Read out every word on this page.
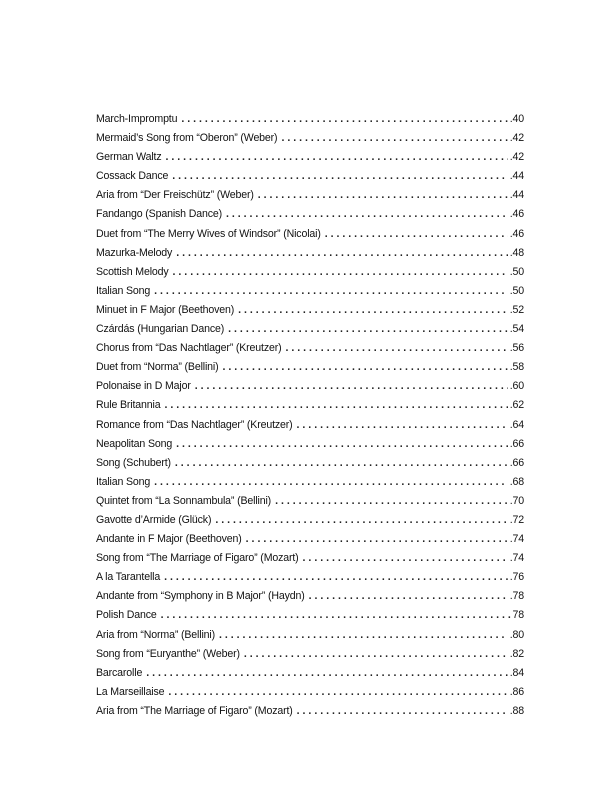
March-Impromptu . . .	.40
Mermaid’s Song from “Oberon” (Weber) . . .	.42
German Waltz . . .	.42
Cossack Dance . . .	.44
Aria from “Der Freischütz” (Weber) . . .	.44
Fandango (Spanish Dance) . . .	.46
Duet from “The Merry Wives of Windsor” (Nicolai) . . .	.46
Mazurka-Melody . . .	.48
Scottish Melody . . .	.50
Italian Song . . .	.50
Minuet in F Major (Beethoven) . . .	.52
Czárdás (Hungarian Dance) . . .	.54
Chorus from “Das Nachtlager” (Kreutzer) . . .	.56
Duet from “Norma” (Bellini) . . .	.58
Polonaise in D Major . . .	.60
Rule Britannia . . .	.62
Romance from “Das Nachtlager” (Kreutzer) . . .	.64
Neapolitan Song . . .	.66
Song (Schubert) . . .	.66
Italian Song . . .	.68
Quintet from “La Sonnambula” (Bellini) . . .	.70
Gavotte d’Armide (Glück) . . .	.72
Andante in F Major (Beethoven) . . .	.74
Song from “The Marriage of Figaro” (Mozart) . . .	.74
A la Tarantella . . .	.76
Andante from “Symphony in B Major” (Haydn) . . .	.78
Polish Dance . . .	78
Aria from “Norma” (Bellini) . . .	.80
Song from “Euryanthe” (Weber) . . .	.82
Barcarolle . . .	.84
La Marseillaise . . .	.86
Aria from “The Marriage of Figaro” (Mozart) . . .	.88
